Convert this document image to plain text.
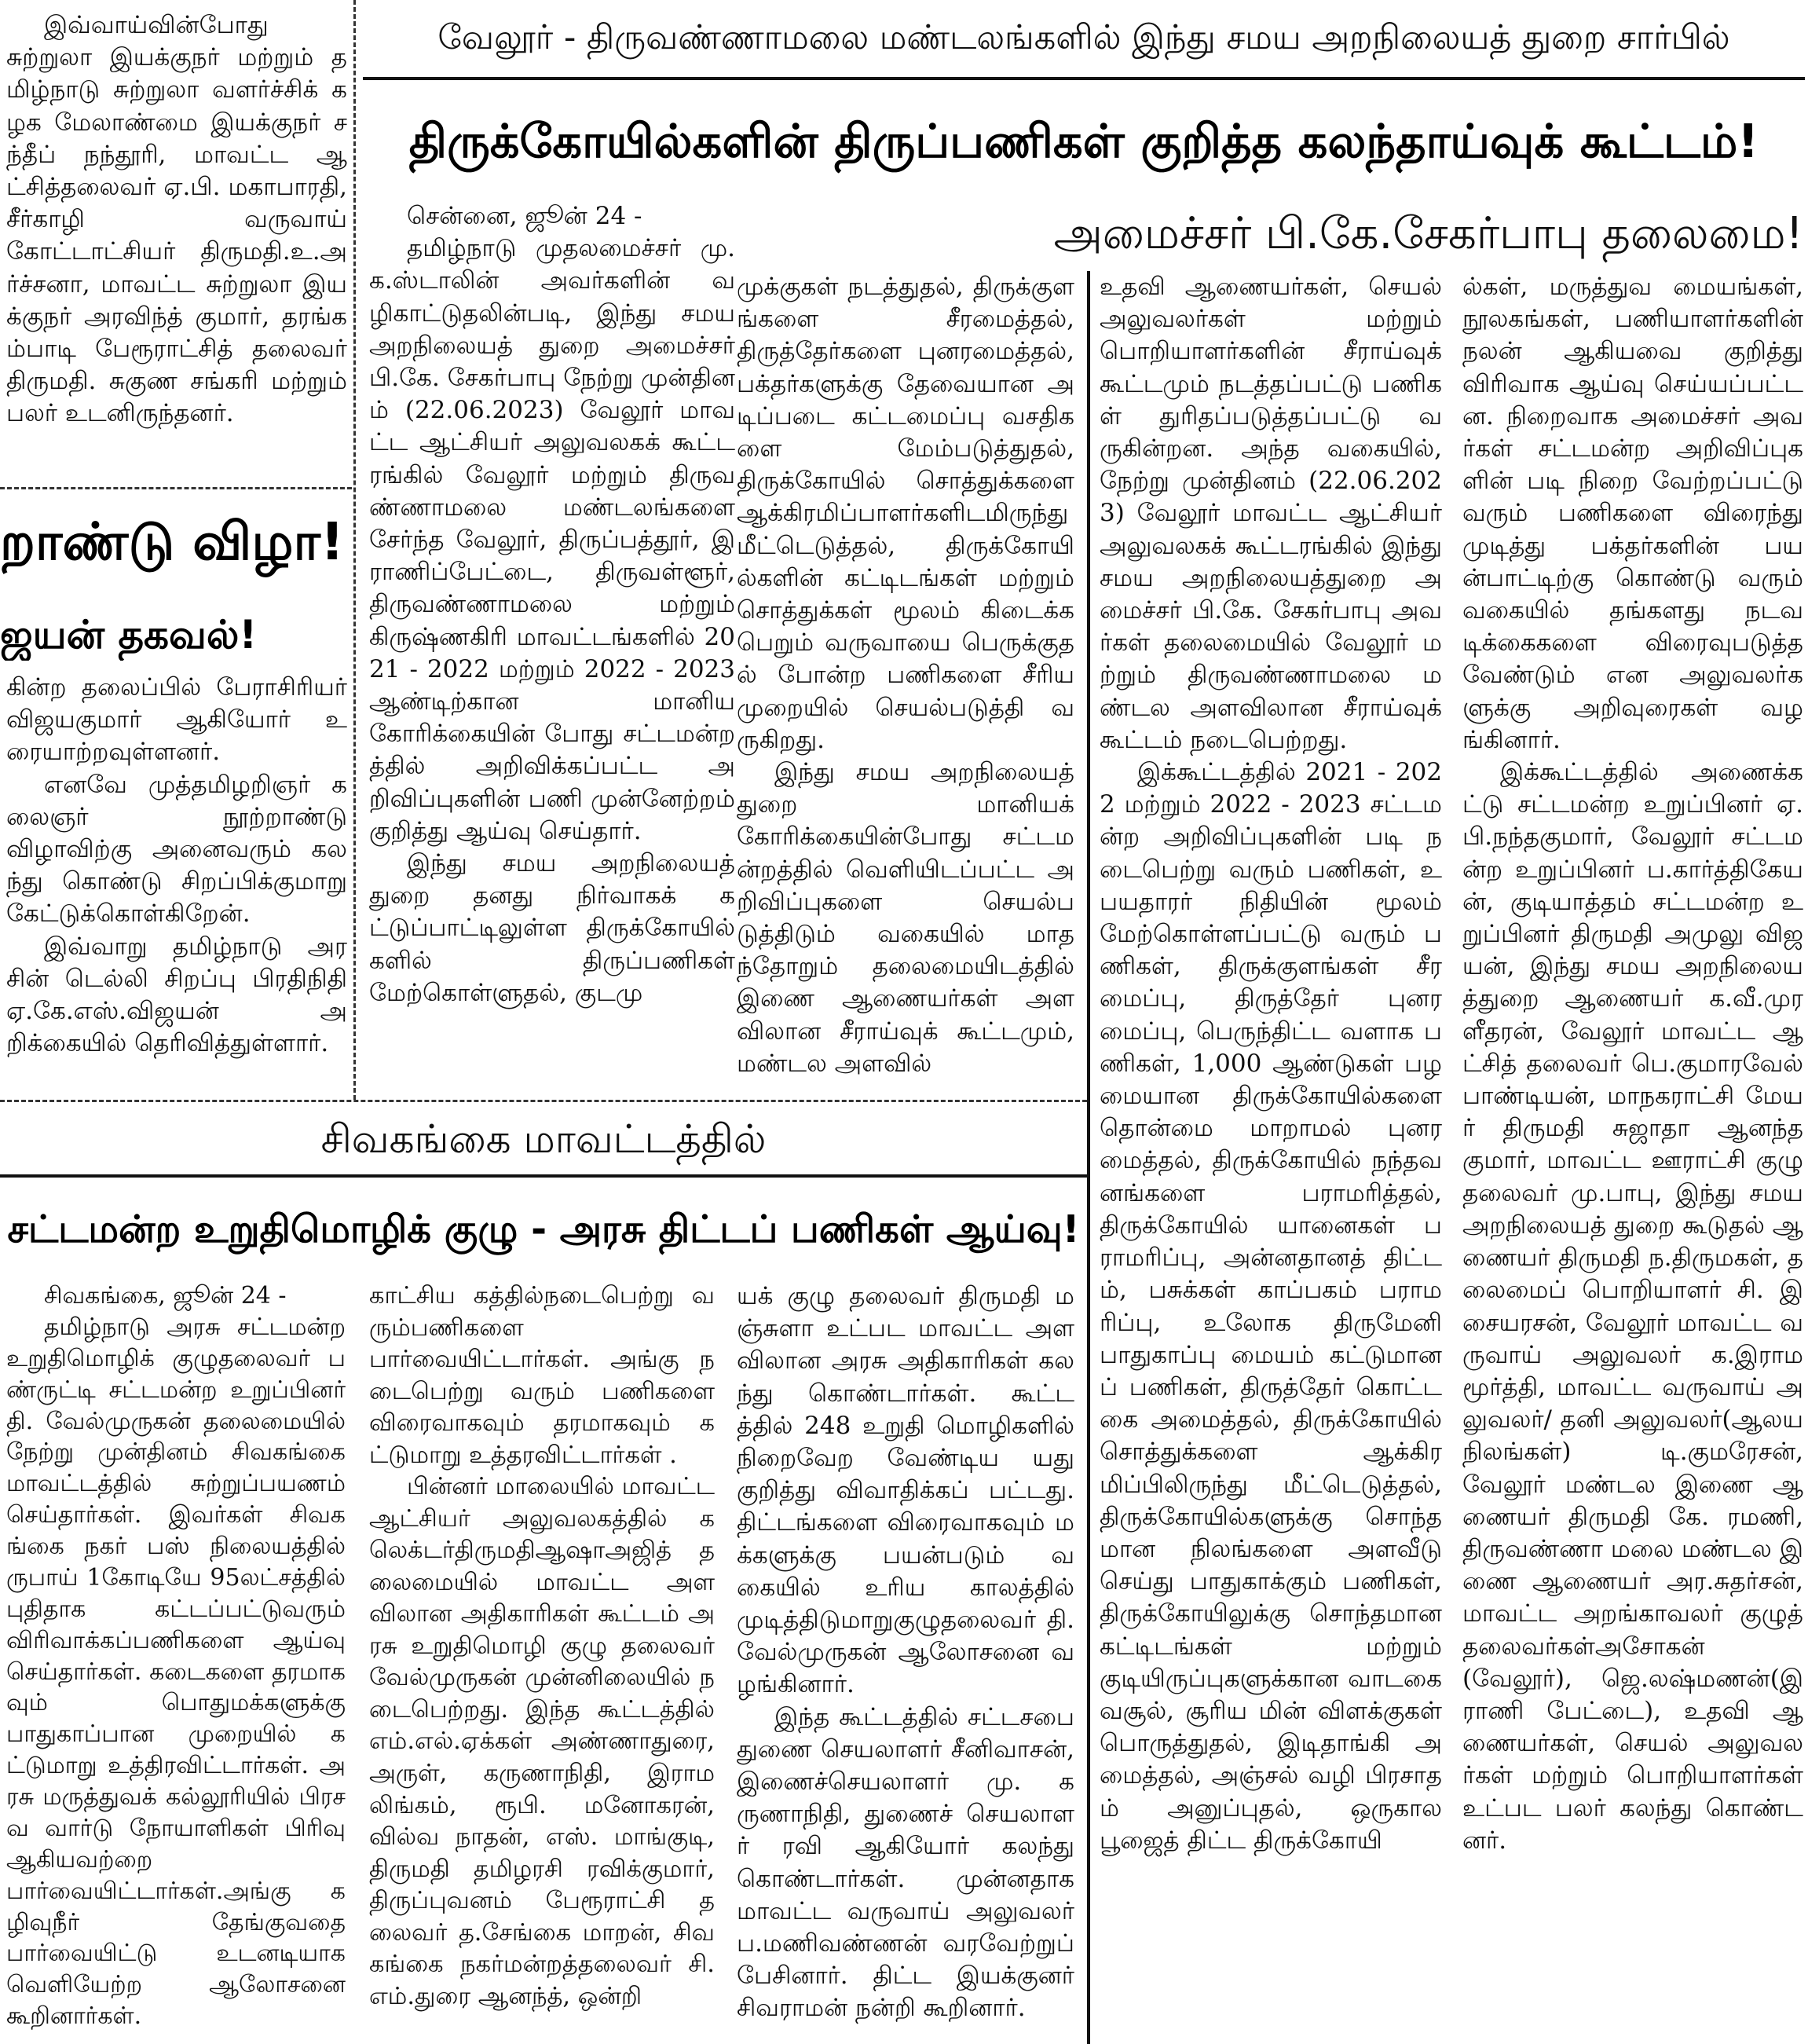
இவ்வாய்வின்போது சுற்றுலா இயக்குநர் மற்றும் தமிழ்நாடு சுற்றுலா வளர்ச்சிக் கழக மேலாண்மை இயக்குநர் சந்தீப் நந்தூரி, மாவட்ட ஆட்சித்தலைவர் ஏ.பி. மகாபாரதி, சீர்காழி வருவாய் கோட்டாட்சியர் திருமதி.உ.அர்ச்சனா, மாவட்ட சுற்றுலா இயக்குநர் அரவிந்த் குமார், தரங்கம்பாடி பேரூராட்சித் தலைவர் திருமதி. சுகுண சங்கரி மற்றும் பலர் உடனிருந்தனர்.

றாண்டு விழா!
ஜயன் தகவல்!

கின்ற தலைப்பில் பேராசிரியர் விஜயகுமார் ஆகியோர் உரையாற்றவுள்ளனர்.

எனவே முத்தமிழறிஞர் கலைஞர் நூற்றாண்டு விழாவிற்கு அனைவரும் கலந்து கொண்டு சிறப்பிக்குமாறு கேட்டுக்கொள்கிறேன்.

இவ்வாறு தமிழ்நாடு அரசின் டெல்லி சிறப்பு பிரதிநிதி ஏ.கே.எஸ்.விஜயன் அறிக்கையில் தெரிவித்துள்ளார்.

வேலூர் - திருவண்ணாமலை மண்டலங்களில் இந்து சமய அறநிலையத் துறை சார்பில்
திருக்கோயில்களின் திருப்பணிகள் குறித்த கலந்தாய்வுக் கூட்டம்!
அமைச்சர் பி.கே.சேகர்பாபு தலைமை!

சென்னை, ஜூன் 24 -

தமிழ்நாடு முதலமைச்சர் மு.க.ஸ்டாலின் அவர்களின் வழிகாட்டுதலின்படி, இந்து சமய அறநிலையத் துறை அமைச்சர் பி.கே. சேகர்பாபு நேற்று முன்தினம் (22.06.2023) வேலூர் மாவட்ட ஆட்சியர் அலுவலகக் கூட்டரங்கில் வேலூர் மற்றும் திருவண்ணாமலை மண்டலங்களை சேர்ந்த வேலூர், திருப்பத்தூர், இராணிப்பேட்டை, திருவள்ளூர்,திருவண்ணாமலை மற்றும் கிருஷ்ணகிரி மாவட்டங்களில் 2021 - 2022 மற்றும் 2022 - 2023 ஆண்டிற்கான மானிய கோரிக்கையின் போது சட்டமன்றத்தில் அறிவிக்கப்பட்ட அறிவிப்புகளின் பணி முன்னேற்றம் குறித்து ஆய்வு செய்தார்.

இந்து சமய அறநிலையத் துறை தனது நிர்வாகக் கட்டுப்பாட்டிலுள்ள திருக்கோயில் களில் திருப்பணிகள் மேற்கொள்ளுதல், குடமு

முக்குகள் நடத்துதல், திருக்குளங்களை சீரமைத்தல், திருத்தேர்களை புனரமைத்தல், பக்தர்களுக்கு தேவையான அடிப்படை கட்டமைப்பு வசதிகளை மேம்படுத்துதல், திருக்கோயில் சொத்துக்களை ஆக்கிரமிப்பாளர்களிடமிருந்து மீட்டெடுத்தல், திருக்கோயி ல்களின் கட்டிடங்கள் மற்றும் சொத்துக்கள் மூலம் கிடைக்கபெறும் வருவாயை பெருக்குதல் போன்ற பணிகளை சீரிய முறையில் செயல்படுத்தி வருகிறது.

இந்து சமய அறநிலையத் துறை மானியக் கோரிக்கையின்போது சட்டமன்றத்தில் வெளியிடப்பட்ட அறிவிப்புகளை செயல்படுத்திடும் வகையில் மாதந்தோறும் தலைமையிடத்தில் இணை ஆணையர்கள் அளவிலான சீராய்வுக் கூட்டமும், மண்டல அளவில்

உதவி ஆணையர்கள், செயல் அலுவலர்கள் மற்றும் பொறியாளர்களின் சீராய்வுக் கூட்டமும் நடத்தப்பட்டு பணிகள் துரிதப்படுத்தப்பட்டு வருகின்றன. அந்த வகையில், நேற்று முன்தினம் (22.06.2023) வேலூர் மாவட்ட ஆட்சியர் அலுவலகக் கூட்டரங்கில் இந்து சமய அறநிலையத்துறை அமைச்சர் பி.கே. சேகர்பாபு அவர்கள் தலைமையில் வேலூர் மற்றும் திருவண்ணாமலை மண்டல அளவிலான சீராய்வுக் கூட்டம் நடைபெற்றது.

இக்கூட்டத்தில் 2021 - 2022 மற்றும் 2022 - 2023 சட்டமன்ற அறிவிப்புகளின் படி நடைபெற்று வரும் பணிகள், உபயதாரர் நிதியின் மூலம் மேற்கொள்ளப்பட்டு வரும் பணிகள், திருக்குளங்கள் சீரமைப்பு, திருத்தேர் புனரமைப்பு, பெருந்திட்ட வளாக பணிகள், 1,000 ஆண்டுகள் பழமையான திருக்கோயில்களை தொன்மை மாறாமல் புனரமைத்தல், திருக்கோயில் நந்தவனங்களை பராமரித்தல், திருக்கோயில் யானைகள் பராமரிப்பு, அன்னதானத் திட்டம், பசுக்கள் காப்பகம் பராமரிப்பு, உலோக திருமேனி பாதுகாப்பு மையம் கட்டுமானப் பணிகள், திருத்தேர் கொட்டகை அமைத்தல், திருக்கோயில் சொத்துக்களை ஆக்கிரமிப்பிலிருந்து மீட்டெடுத்தல், திருக்கோயில்களுக்கு சொந்தமான நிலங்களை அளவீடு செய்து பாதுகாக்கும் பணிகள், திருக்கோயிலுக்கு சொந்தமான கட்டிடங்கள் மற்றும் குடியிருப்புகளுக்கான வாடகை வசூல், சூரிய மின் விளக்குகள் பொருத்துதல், இடிதாங்கி அமைத்தல், அஞ்சல் வழி பிரசாதம் அனுப்புதல், ஒருகால பூஜைத் திட்ட திருக்கோயி

ல்கள், மருத்துவ மையங்கள், நூலகங்கள், பணியாளர்களின் நலன் ஆகியவை குறித்து விரிவாக ஆய்வு செய்யப்பட்டன. நிறைவாக அமைச்சர் அவர்கள் சட்டமன்ற அறிவிப்புகளின் படி நிறை வேற்றப்பட்டு வரும் பணிகளை விரைந்து முடித்து பக்தர்களின் பயன்பாட்டிற்கு கொண்டு வரும் வகையில் தங்களது நடவடிக்கைகளை விரைவுபடுத்த வேண்டும் என அலுவலர்களுக்கு அறிவுரைகள் வழங்கினார்.

இக்கூட்டத்தில் அணைக்கட்டு சட்டமன்ற உறுப்பினர் ஏ.பி.நந்தகுமார், வேலூர் சட்டமன்ற உறுப்பினர் ப.கார்த்திகேயன், குடியாத்தம் சட்டமன்ற உறுப்பினர் திருமதி அமுலு விஜயன், இந்து சமய அறநிலையத்துறை ஆணையர் க.வீ.முரளீதரன், வேலூர் மாவட்ட ஆட்சித் தலைவர் பெ.குமாரவேல் பாண்டியன், மாநகராட்சி மேயர் திருமதி சுஜாதா ஆனந்த குமார், மாவட்ட ஊராட்சி குழு தலைவர் மு.பாபு, இந்து சமய அறநிலையத் துறை கூடுதல் ஆணையர் திருமதி ந.திருமகள், தலைமைப் பொறியாளர் சி. இசையரசன், வேலூர் மாவட்ட வருவாய் அலுவலர் க.இராமமூர்த்தி, மாவட்ட வருவாய் அலுவலர்/ தனி அலுவலர்(ஆலய நிலங்கள்) டி.குமரேசன், வேலூர் மண்டல இணை ஆணையர் திருமதி கே. ரமணி, திருவண்ணா மலை மண்டல இணை ஆணையர் அர.சுதர்சன், மாவட்ட அறங்காவலர் குழுத் தலைவர்கள்அசோகன் (வேலூர்), ஜெ.லஷ்மணன்(இராணி பேட்டை), உதவி ஆணையர்கள், செயல் அலுவலர்கள் மற்றும் பொறியாளர்கள் உட்பட பலர் கலந்து கொண்டனர்.

சிவகங்கை மாவட்டத்தில்
சட்டமன்ற உறுதிமொழிக் குழு - அரசு திட்டப் பணிகள் ஆய்வு!

சிவகங்கை, ஜூன் 24 -

தமிழ்நாடு அரசு சட்டமன்ற உறுதிமொழிக் குழுதலைவர் பண்ருட்டி சட்டமன்ற உறுப்பினர் தி. வேல்முருகன் தலைமையில் நேற்று முன்தினம் சிவகங்கை மாவட்டத்தில் சுற்றுப்பயணம் செய்தார்கள். இவர்கள் சிவகங்கை நகர் பஸ் நிலையத்தில் ருபாய் 1கோடியே 95லட்சத்தில் புதிதாக கட்டப்பட்டுவரும் விரிவாக்கப்பணிகளை ஆய்வு செய்தார்கள். கடைகளை தரமாகவும் பொதுமக்களுக்கு பாதுகாப்பான முறையில் கட்டுமாறு உத்திரவிட்டார்கள். அரசு மருத்துவக் கல்லூரியில் பிரசவ வார்டு நோயாளிகள் பிரிவு ஆகியவற்றை பார்வையிட்டார்கள்.அங்கு கழிவுநீர் தேங்குவதை பார்வையிட்டு உடனடியாக வெளியேற்ற ஆலோசனை கூறினார்கள்.

காட்சிய கத்தில்நடைபெற்று வரும்பணிகளை பார்வையிட்டார்கள். அங்கு நடைபெற்று வரும் பணிகளை விரைவாகவும் தரமாகவும் கட்டுமாறு உத்தரவிட்டார்கள் .

பின்னர் மாலையில் மாவட்ட ஆட்சியர் அலுவலகத்தில் கலெக்டர்திருமதிஆஷாஅஜித் தலைமையில் மாவட்ட அளவிலான அதிகாரிகள் கூட்டம் அரசு உறுதிமொழி குழு தலைவர் வேல்முருகன் முன்னிலையில் நடைபெற்றது. இந்த கூட்டத்தில் எம்.எல்.ஏக்கள் அண்ணாதுரை, அருள், கருணாநிதி, இராமலிங்கம், ரூபி. மனோகரன், வில்வ நாதன், எஸ். மாங்குடி, திருமதி தமிழரசி ரவிக்குமார், திருப்புவனம் பேரூராட்சி தலைவர் த.சேங்கை மாறன், சிவகங்கை நகர்மன்றத்தலைவர் சி.எம்.துரை ஆனந்த், ஒன்றி

யக் குழு தலைவர் திருமதி மஞ்சுளா உட்பட மாவட்ட அளவிலான அரசு அதிகாரிகள் கலந்து கொண்டார்கள். கூட்டத்தில் 248 உறுதி மொழிகளில் நிறைவேற வேண்டிய யது குறித்து விவாதிக்கப் பட்டது. திட்டங்களை விரைவாகவும் மக்களுக்கு பயன்படும் வகையில் உரிய காலத்தில் முடித்திடுமாறுகுழுதலைவர் தி.வேல்முருகன் ஆலோசனை வழங்கினார்.

இந்த கூட்டத்தில் சட்டசபை துணை செயலாளர் சீனிவாசன், இணைச்செயலாளர் மு. கருணாநிதி, துணைச் செயலாளர் ரவி ஆகியோர் கலந்து கொண்டார்கள். முன்னதாக மாவட்ட வருவாய் அலுவலர் ப.மணிவண்ணன் வரவேற்றுப் பேசினார். திட்ட இயக்குனர் சிவராமன் நன்றி கூறினார்.
